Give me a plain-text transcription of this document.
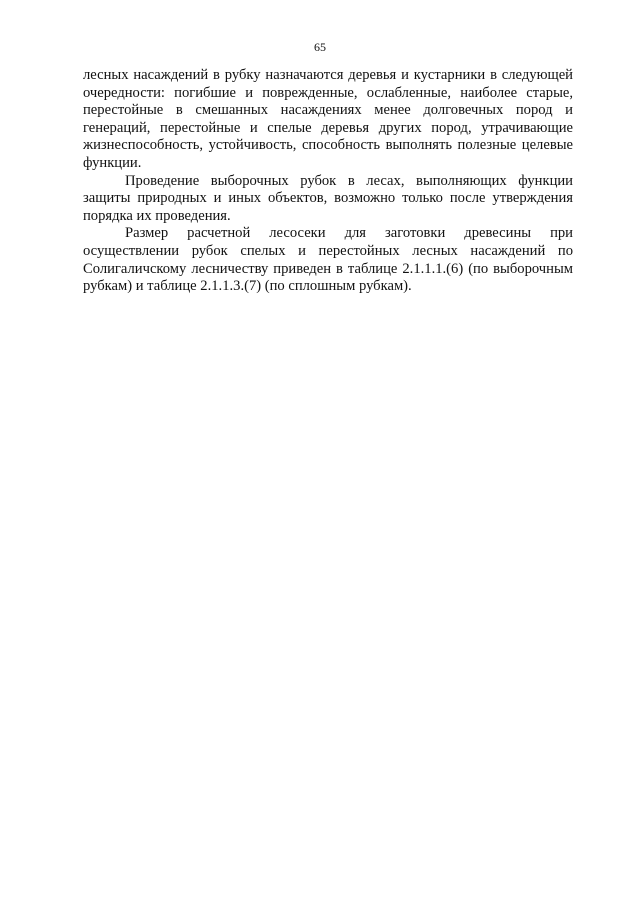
65

лесных насаждений в рубку назначаются деревья и кустарники в следующей очередности: погибшие и поврежденные, ослабленные, наиболее старые, перестойные в смешанных насаждениях менее долговечных пород и генераций, перестойные и спелые деревья других пород, утрачивающие жизнеспособность, устойчивость, способность выполнять полезные целевые функции.

Проведение выборочных рубок в лесах, выполняющих функции защиты природных и иных объектов, возможно только после утверждения порядка их проведения.

Размер расчетной лесосеки для заготовки древесины при осуществлении рубок спелых и перестойных лесных насаждений по Солигаличскому лесничеству приведен в таблице 2.1.1.1.(6) (по выборочным рубкам) и таблице 2.1.1.3.(7) (по сплошным рубкам).
